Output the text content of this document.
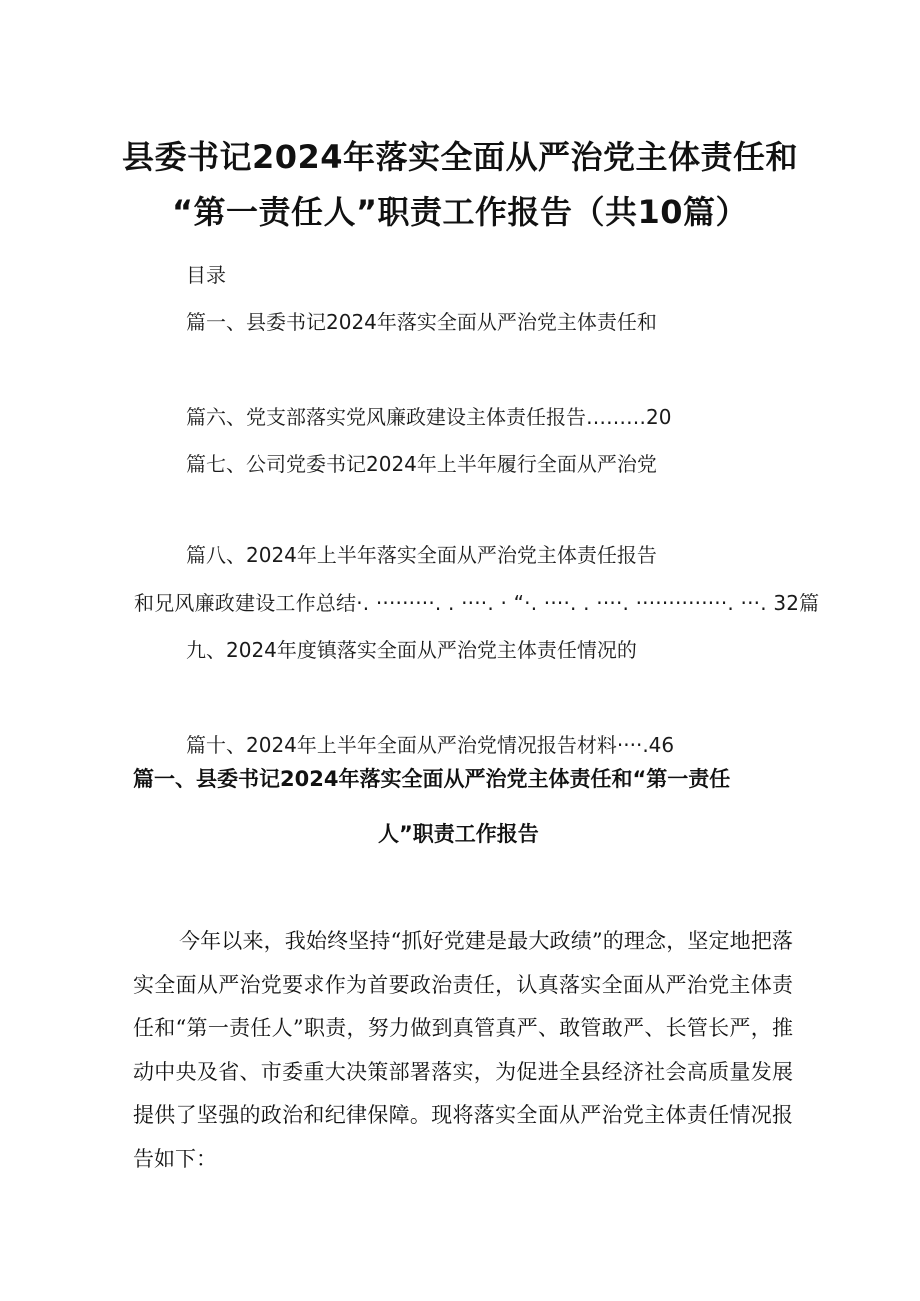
县委书记2024年落实全面从严治党主体责任和
“第一责任人”职责工作报告（共10篇）
目录
篇一、县委书记2024年落实全面从严治党主体责任和
篇六、党支部落实党风廉政建设主体责任报告………20
篇七、公司党委书记2024年上半年履行全面从严治党
篇八、2024年上半年落实全面从严治党主体责任报告
和兄风廉政建设工作总结·. ·········. . ····. · “·. ····. . ····. ··············. ···. 32篇
九、2024年度镇落实全面从严治党主体责任情况的
篇十、2024年上半年全面从严治党情况报告材料····.46
篇一、县委书记2024年落实全面从严治党主体责任和“第一责任
人”职责工作报告

今年以来，我始终坚持“抓好党建是最大政绩”的理念，坚定地把落实全面从严治党要求作为首要政治责任，认真落实全面从严治党主体责任和“第一责任人”职责，努力做到真管真严、敢管敢严、长管长严，推动中央及省、市委重大决策部署落实，为促进全县经济社会高质量发展提供了坚强的政治和纪律保障。现将落实全面从严治党主体责任情况报告如下：
